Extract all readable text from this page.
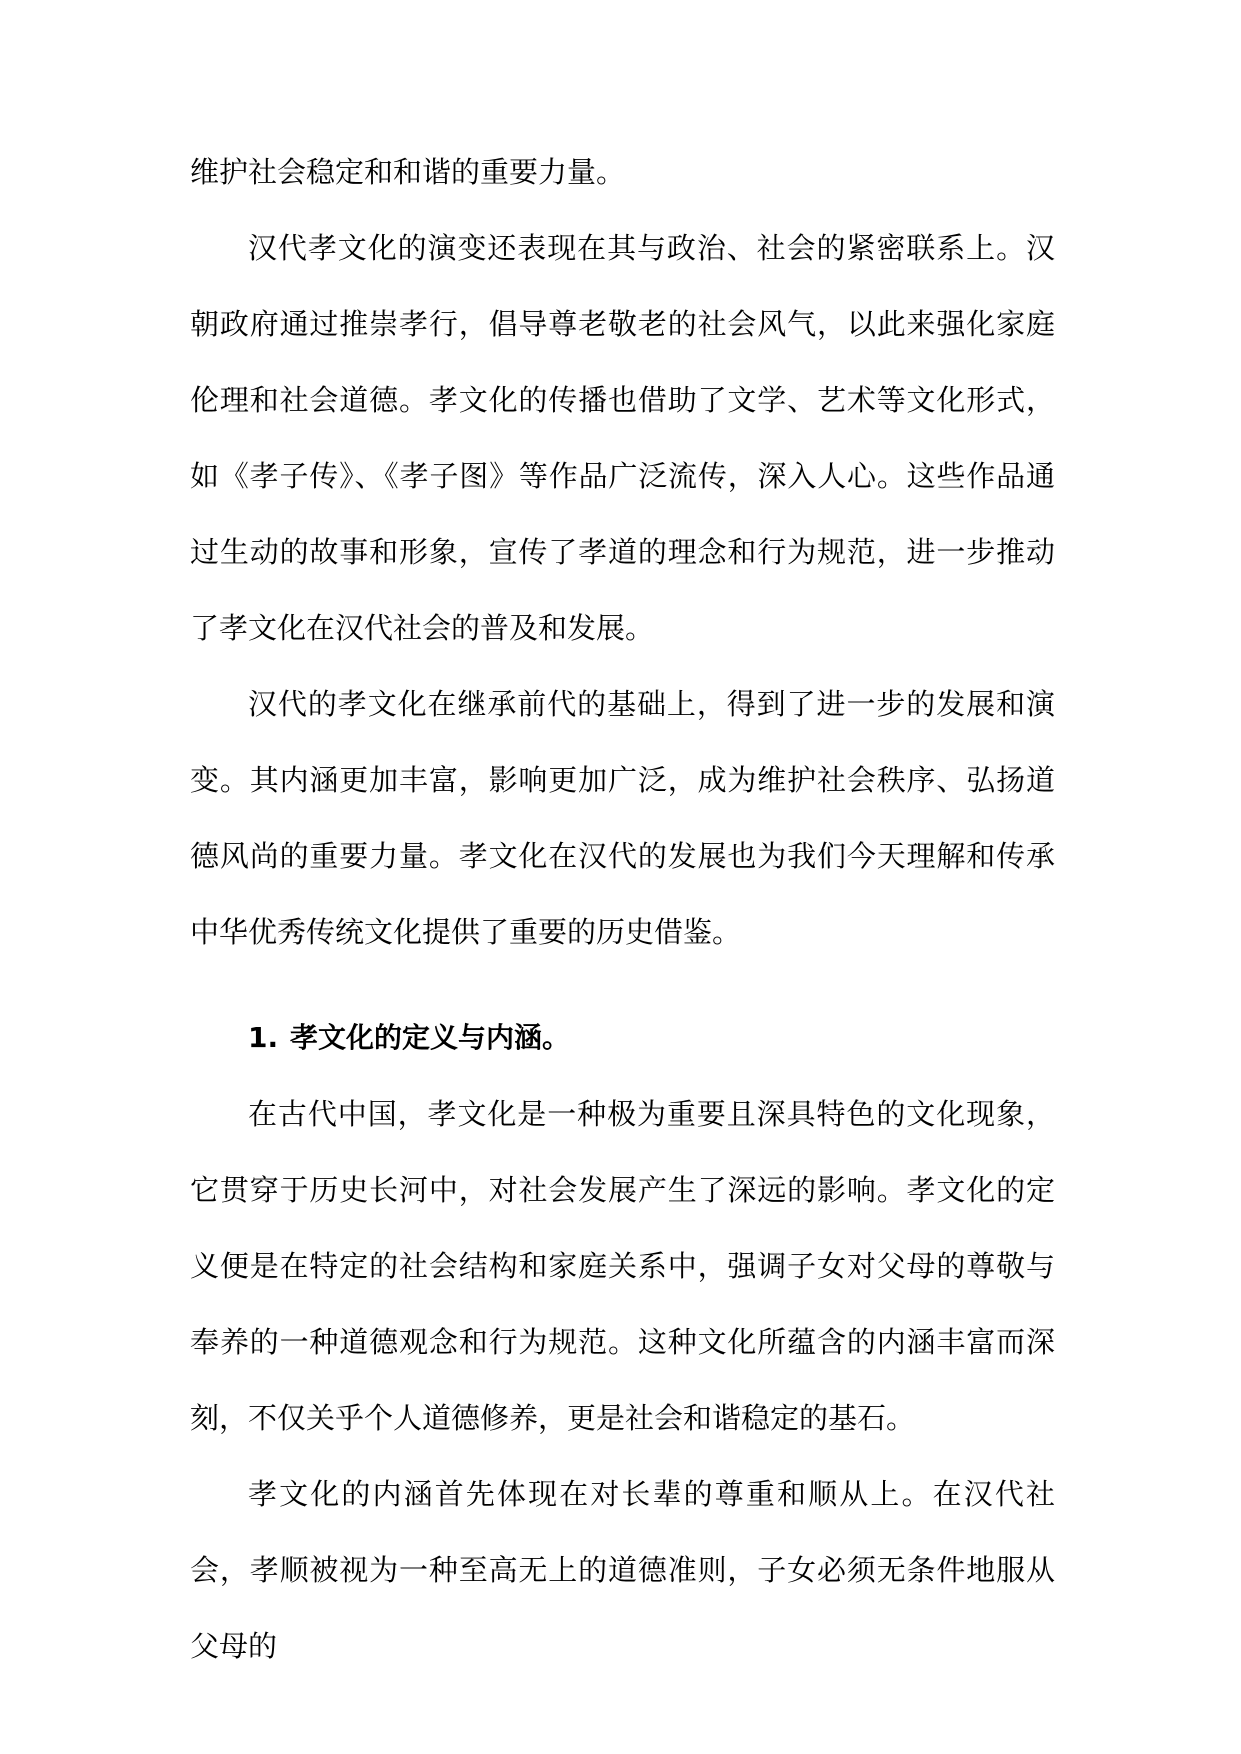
维护社会稳定和和谐的重要力量。

汉代孝文化的演变还表现在其与政治、社会的紧密联系上。汉朝政府通过推崇孝行，倡导尊老敬老的社会风气，以此来强化家庭伦理和社会道德。孝文化的传播也借助了文学、艺术等文化形式，如《孝子传》、《孝子图》等作品广泛流传，深入人心。这些作品通过生动的故事和形象，宣传了孝道的理念和行为规范，进一步推动了孝文化在汉代社会的普及和发展。

汉代的孝文化在继承前代的基础上，得到了进一步的发展和演变。其内涵更加丰富，影响更加广泛，成为维护社会秩序、弘扬道德风尚的重要力量。孝文化在汉代的发展也为我们今天理解和传承中华优秀传统文化提供了重要的历史借鉴。

1. 孝文化的定义与内涵。

在古代中国，孝文化是一种极为重要且深具特色的文化现象，它贯穿于历史长河中，对社会发展产生了深远的影响。孝文化的定义便是在特定的社会结构和家庭关系中，强调子女对父母的尊敬与奉养的一种道德观念和行为规范。这种文化所蕴含的内涵丰富而深刻，不仅关乎个人道德修养，更是社会和谐稳定的基石。

孝文化的内涵首先体现在对长辈的尊重和顺从上。在汉代社会，孝顺被视为一种至高无上的道德准则，子女必须无条件地服从父母的
